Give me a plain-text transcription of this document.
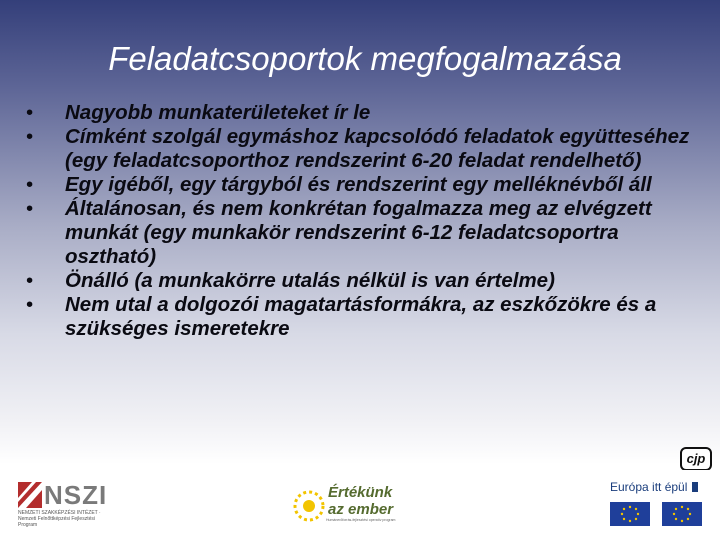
Feladatcsoportok megfogalmazása
• Nagyobb munkaterületeket ír le
• Címként szolgál egymáshoz kapcsolódó feladatok együtteséhez (egy feladatcsoporthoz rendszerint 6-20 feladat rendelhető)
• Egy igéből, egy tárgyból és rendszerint egy melléknévből áll
• Általánosan, és nem konkrétan fogalmazza meg az elvégzett munkát (egy munkakör rendszerint 6-12 feladatcsoportra osztható)
• Önálló (a munkakörre utalás nélkül is van értelme)
• Nem utal a dolgozói magatartásformákra, az eszkőzökre és a szükséges ismeretekre
cjp
NSZI
NEMZETI SZAKKÉPZÉSI INTÉZET · Nemzeti Felnőttképzési Fejlesztési Program
Értékünk az ember
Humánerőforrás-fejlesztési operatív program
Európa itt épül
